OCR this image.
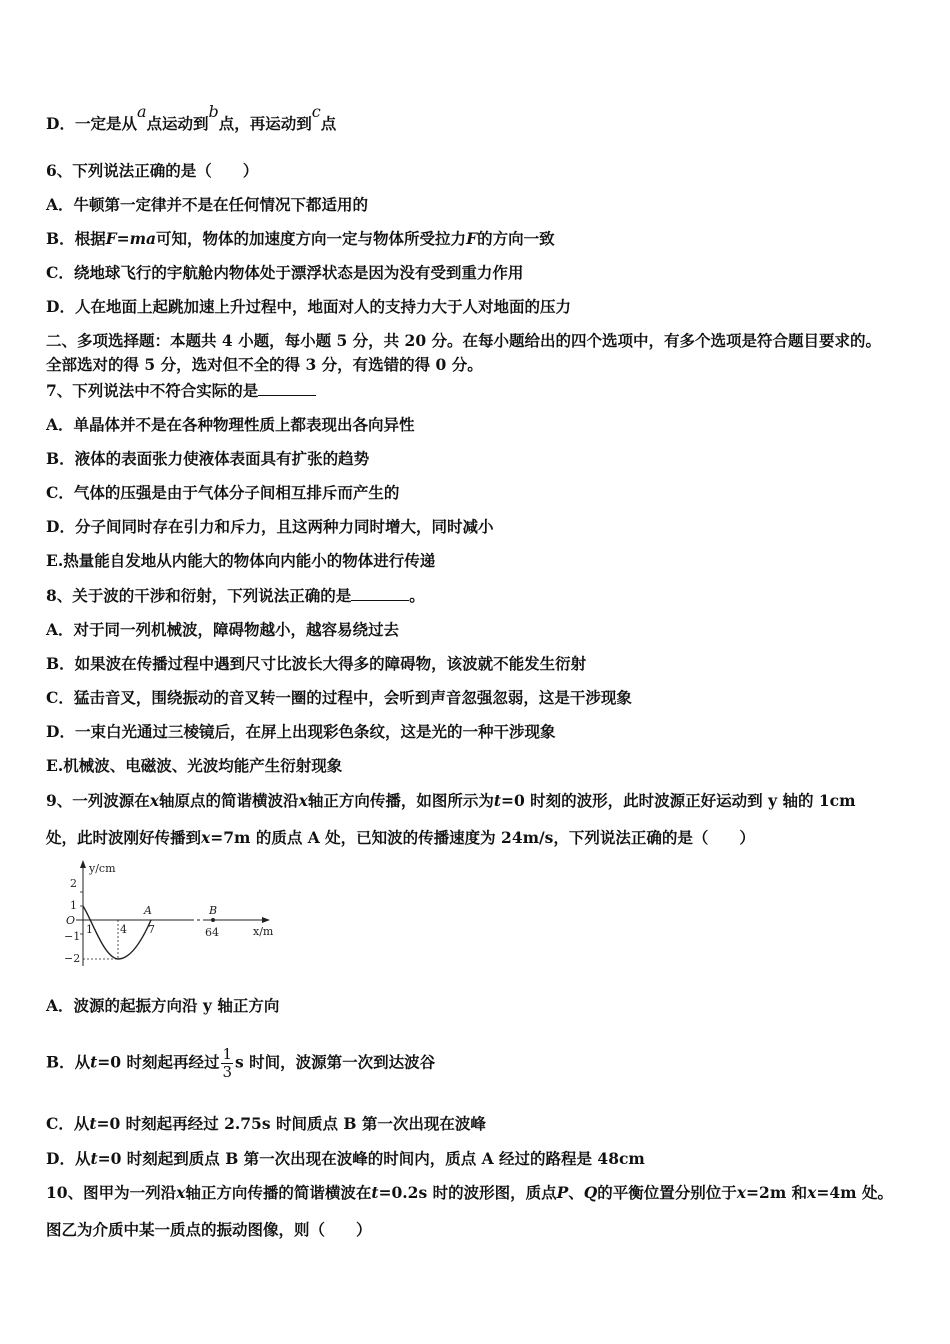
D．一定是从a点运动到b点，再运动到c点
6、下列说法正确的是（　　）
A．牛顿第一定律并不是在任何情况下都适用的
B．根据F=ma可知，物体的加速度方向一定与物体所受拉力F的方向一致
C．绕地球飞行的宇航舱内物体处于漂浮状态是因为没有受到重力作用
D．人在地面上起跳加速上升过程中，地面对人的支持力大于人对地面的压力
二、多项选择题：本题共 4 小题，每小题 5 分，共 20 分。在每小题给出的四个选项中，有多个选项是符合题目要求的。
全部选对的得 5 分，选对但不全的得 3 分，有选错的得 0 分。
7、下列说法中不符合实际的是
A．单晶体并不是在各种物理性质上都表现出各向异性
B．液体的表面张力使液体表面具有扩张的趋势
C．气体的压强是由于气体分子间相互排斥而产生的
D．分子间同时存在引力和斥力，且这两种力同时增大，同时减小
E.热量能自发地从内能大的物体向内能小的物体进行传递
8、关于波的干涉和衍射，下列说法正确的是	。
A．对于同一列机械波，障碍物越小，越容易绕过去
B．如果波在传播过程中遇到尺寸比波长大得多的障碍物，该波就不能发生衍射
C．猛击音叉，围绕振动的音叉转一圈的过程中，会听到声音忽强忽弱，这是干涉现象
D．一束白光通过三棱镜后，在屏上出现彩色条纹，这是光的一种干涉现象
E.机械波、电磁波、光波均能产生衍射现象
9、一列波源在x轴原点的简谐横波沿x轴正方向传播，如图所示为t=0 时刻的波形，此时波源正好运动到 y 轴的 1cm
处，此时波刚好传播到x=7m 的质点 A 处，已知波的传播速度为 24m/s，下列说法正确的是（　　）
y/cm
x/m
2
1
O
−1
−2
1 4 7
A	B
64
A．波源的起振方向沿 y 轴正方向
B．从t=0 时刻起再经过 $\frac{1}{3}$ s 时间，波源第一次到达波谷
C．从t=0 时刻起再经过 2.75s 时间质点 B 第一次出现在波峰
D．从t=0 时刻起到质点 B 第一次出现在波峰的时间内，质点 A 经过的路程是 48cm
10、图甲为一列沿x轴正方向传播的简谐横波在t=0.2s 时的波形图，质点P、Q的平衡位置分别位于x=2m 和x=4m 处。
图乙为介质中某一质点的振动图像，则（　　）
